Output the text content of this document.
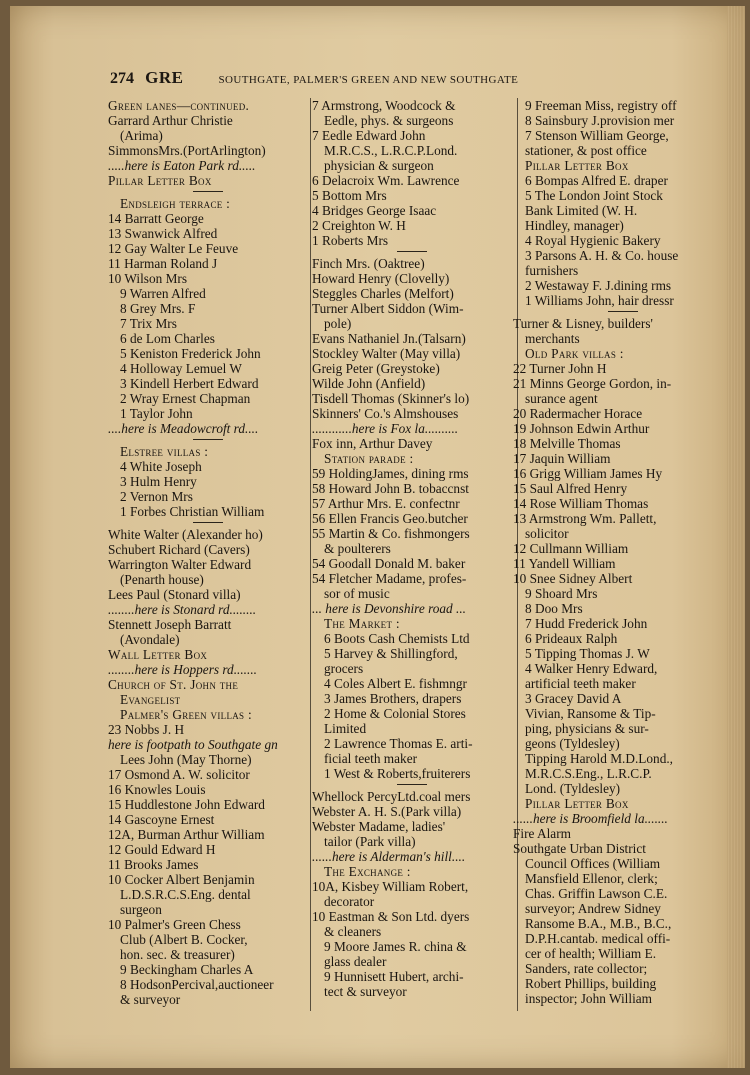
274 GRE	SOUTHGATE, PALMER'S GREEN AND NEW SOUTHGATE
Green lanes—continued.
Garrard Arthur Christie
(Arima)
SimmonsMrs.(PortArlington)
.....here is Eaton Park rd.....
Pillar Letter Box
Endsleigh terrace :
14 Barratt George
13 Swanwick Alfred
12 Gay Walter Le Feuve
11 Harman Roland J
10 Wilson Mrs
9 Warren Alfred
8 Grey Mrs. F
7 Trix Mrs
6 de Lom Charles
5 Keniston Frederick John
4 Holloway Lemuel W
3 Kindell Herbert Edward
2 Wray Ernest Chapman
1 Taylor John
....here is Meadowcroft rd....
Elstree villas :
4 White Joseph
3 Hulm Henry
2 Vernon Mrs
1 Forbes Christian William
White Walter (Alexander ho)
Schubert Richard (Cavers)
Warrington Walter Edward
(Penarth house)
Lees Paul (Stonard villa)
........here is Stonard rd........
Stennett Joseph Barratt
(Avondale)
Wall Letter Box
........here is Hoppers rd.......
Church of St. John the
Evangelist
Palmer's Green villas :
23 Nobbs J. H
here is footpath to Southgate gn
Lees John (May Thorne)
17 Osmond A. W. solicitor
16 Knowles Louis
15 Huddlestone John Edward
14 Gascoyne Ernest
12A, Burman Arthur William
12 Gould Edward H
11 Brooks James
10 Cocker Albert Benjamin
L.D.S.R.C.S.Eng. dental
surgeon
10 Palmer's Green Chess
Club (Albert B. Cocker,
hon. sec. & treasurer)
9 Beckingham Charles A
8 HodsonPercival,auctioneer
& surveyor
7 Armstrong, Woodcock &
Eedle, phys. & surgeons
7 Eedle Edward John
M.R.C.S., L.R.C.P.Lond.
physician & surgeon
6 Delacroix Wm. Lawrence
5 Bottom Mrs
4 Bridges George Isaac
2 Creighton W. H
1 Roberts Mrs
Finch Mrs. (Oaktree)
Howard Henry (Clovelly)
Steggles Charles (Melfort)
Turner Albert Siddon (Wim-
pole)
Evans Nathaniel Jn.(Talsarn)
Stockley Walter (May villa)
Greig Peter (Greystoke)
Wilde John (Anfield)
Tisdell Thomas (Skinner's lo)
Skinners' Co.'s Almshouses
............here is Fox la..........
Fox inn, Arthur Davey
Station parade :
59 HoldingJames, dining rms
58 Howard John B. tobaccnst
57 Arthur Mrs. E. confectnr
56 Ellen Francis Geo.butcher
55 Martin & Co. fishmongers
& poulterers
54 Goodall Donald M. baker
54 Fletcher Madame, profes-
sor of music
... here is Devonshire road ...
The Market :
6 Boots Cash Chemists Ltd
5 Harvey & Shillingford,
grocers
4 Coles Albert E. fishmngr
3 James Brothers, drapers
2 Home & Colonial Stores
Limited
2 Lawrence Thomas E. arti-
ficial teeth maker
1 West & Roberts,fruiterers
Whellock PercyLtd.coal mers
Webster A. H. S.(Park villa)
Webster Madame, ladies'
tailor (Park villa)
......here is Alderman's hill....
The Exchange :
10A, Kisbey William Robert,
decorator
10 Eastman & Son Ltd. dyers
& cleaners
9 Moore James R. china &
glass dealer
9 Hunnisett Hubert, archi-
tect & surveyor
9 Freeman Miss, registry off
8 Sainsbury J.provision mer
7 Stenson William George,
stationer, & post office
Pillar Letter Box
6 Bompas Alfred E. draper
5 The London Joint Stock
Bank Limited (W. H.
Hindley, manager)
4 Royal Hygienic Bakery
3 Parsons A. H. & Co. house
furnishers
2 Westaway F. J.dining rms
1 Williams John, hair dressr
Turner & Lisney, builders'
merchants
Old Park villas :
22 Turner John H
21 Minns George Gordon, in-
surance agent
20 Radermacher Horace
19 Johnson Edwin Arthur
18 Melville Thomas
17 Jaquin William
16 Grigg William James Hy
15 Saul Alfred Henry
14 Rose William Thomas
13 Armstrong Wm. Pallett,
solicitor
12 Cullmann William
11 Yandell William
10 Snee Sidney Albert
9 Shoard Mrs
8 Doo Mrs
7 Hudd Frederick John
6 Prideaux Ralph
5 Tipping Thomas J. W
4 Walker Henry Edward,
artificial teeth maker
3 Gracey David A
Vivian, Ransome & Tip-
ping, physicians & sur-
geons (Tyldesley)
Tipping Harold M.D.Lond.,
M.R.C.S.Eng., L.R.C.P.
Lond. (Tyldesley)
Pillar Letter Box
......here is Broomfield la.......
Fire Alarm
Southgate Urban District
Council Offices (William
Mansfield Ellenor, clerk;
Chas. Griffin Lawson C.E.
surveyor; Andrew Sidney
Ransome B.A., M.B., B.C.,
D.P.H.cantab. medical offi-
cer of health; William E.
Sanders, rate collector;
Robert Phillips, building
inspector; John William
